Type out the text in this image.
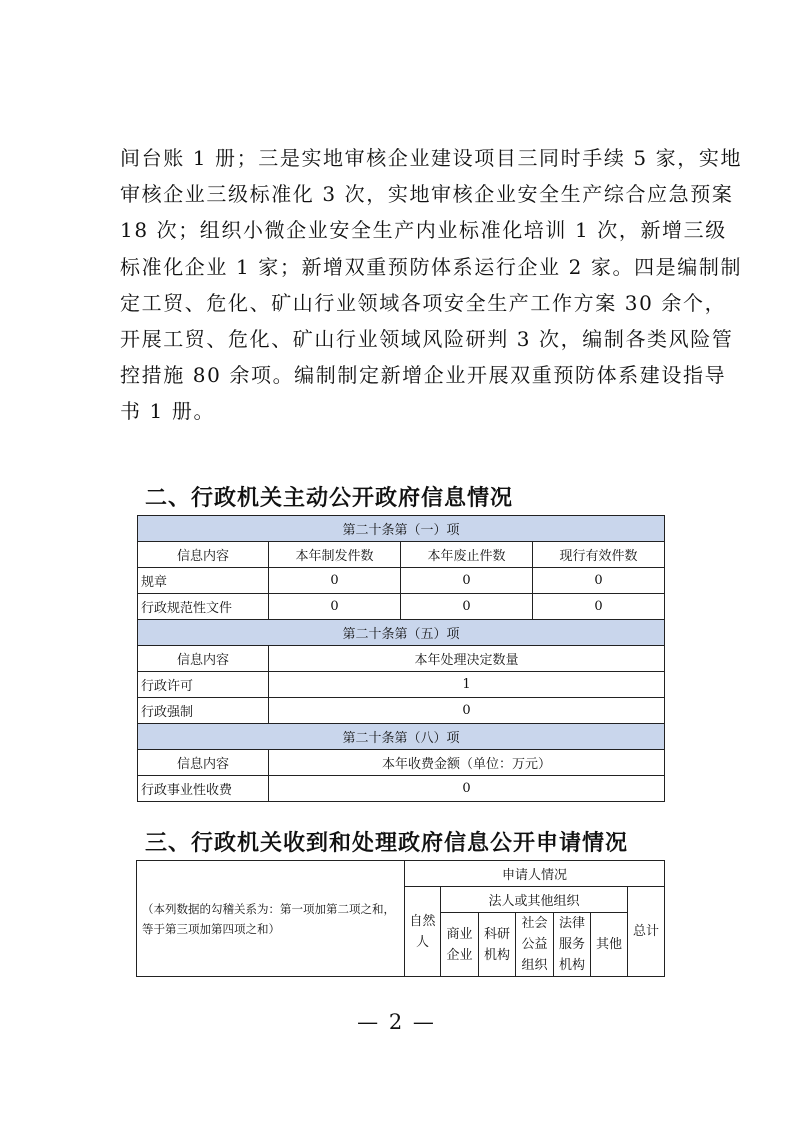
间台账 1 册；三是实地审核企业建设项目三同时手续 5 家，实地
审核企业三级标准化 3 次，实地审核企业安全生产综合应急预案
18 次；组织小微企业安全生产内业标准化培训 1 次，新增三级
标准化企业 1 家；新增双重预防体系运行企业 2 家。四是编制制
定工贸、危化、矿山行业领域各项安全生产工作方案 30 余个，
开展工贸、危化、矿山行业领域风险研判 3 次，编制各类风险管
控措施 80 余项。编制制定新增企业开展双重预防体系建设指导
书 1 册。
二、行政机关主动公开政府信息情况
第二十条第（一）项			
信息内容	本年制发件数	本年废止件数	现行有效件数
规章	0	0	0
行政规范性文件	0	0	0
第二十条第（五）项			
信息内容	本年处理决定数量		
行政许可	1		
行政强制	0		
第二十条第（八）项			
信息内容	本年收费金额（单位：万元）		
行政事业性收费	0		
三、行政机关收到和处理政府信息公开申请情况
（本列数据的勾稽关系为：第一项加第二项之和，等于第三项加第四项之和）	申请人情况						
	自然人	法人或其他组织					总计
		商业企业	科研机构	社会公益组织	法律服务机构	其他	
— 2 —
